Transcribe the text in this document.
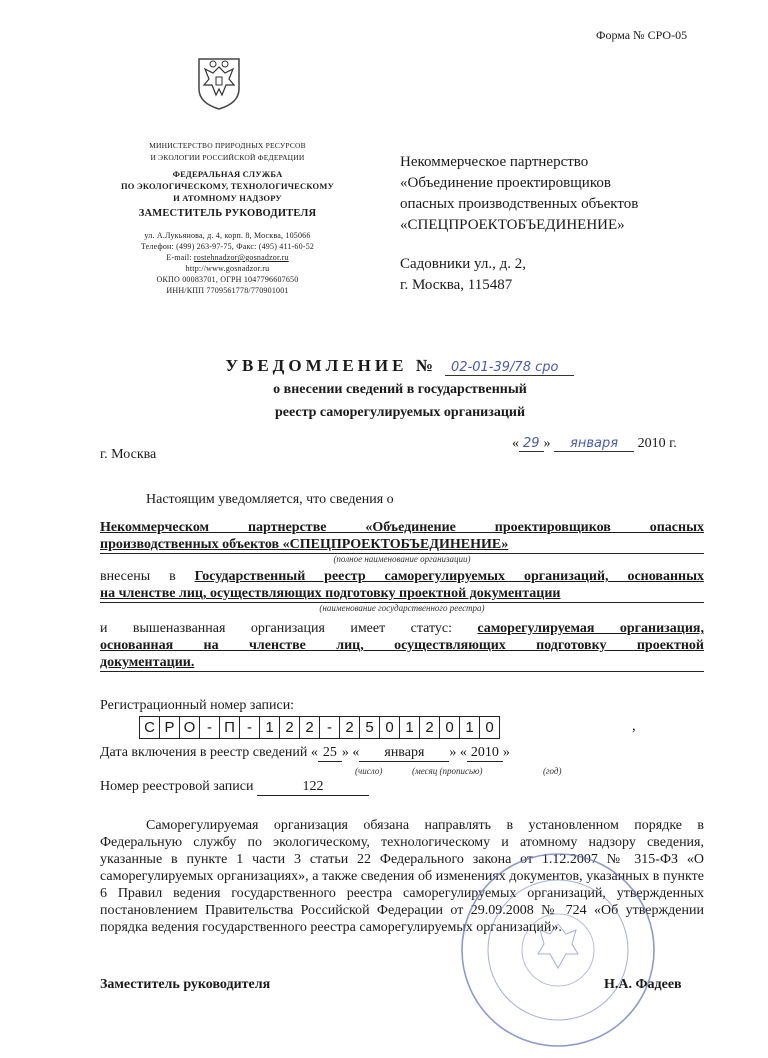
Форма № СРО-05
МИНИСТЕРСТВО ПРИРОДНЫХ РЕСУРСОВ
И ЭКОЛОГИИ РОССИЙСКОЙ ФЕДЕРАЦИИ
ФЕДЕРАЛЬНАЯ СЛУЖБА
ПО ЭКОЛОГИЧЕСКОМУ, ТЕХНОЛОГИЧЕСКОМУ
И АТОМНОМУ НАДЗОРУ
ЗАМЕСТИТЕЛЬ РУКОВОДИТЕЛЯ
ул. А.Лукьянова, д. 4, корп. 8, Москва, 105066
Телефон: (499) 263-97-75, Факс: (495) 411-60-52
E-mail: rostehnadzor@gosnadzor.ru
http://www.gosnadzor.ru
ОКПО 00083701, ОГРН 1047796607650
ИНН/КПП 7709561778/770901001
Некоммерческое партнерство
«Объединение проектировщиков
опасных производственных объектов
«СПЕЦПРОЕКТОБЪЕДИНЕНИЕ»
Садовники ул., д. 2,
г. Москва, 115487
УВЕДОМЛЕНИЕ № 02-01-39/78 сро
о внесении сведений в государственный
реестр саморегулируемых организаций
г. Москва
« 29 » января 2010 г.
Настоящим уведомляется, что сведения о
Некоммерческом партнерстве «Объединение проектировщиков опасных
производственных объектов «СПЕЦПРОЕКТОБЪЕДИНЕНИЕ»
(полное наименование организации)
внесены в Государственный реестр саморегулируемых организаций, основанных
на членстве лиц, осуществляющих подготовку проектной документации
(наименование государственного реестра)
и вышеназванная организация имеет статус: саморегулируемая организация,
основанная на членстве лиц, осуществляющих подготовку проектной
документации.
Регистрационный номер записи:
С Р О - П - 1 2 2 - 2 5 0 1 2 0 1 0	,
Дата включения в реестр сведений « 25 » « января » « 2010 »
(число)	(месяц (прописью)	(год)
Номер реестровой записи	122

Саморегулируемая организация обязана направлять в установленном порядке в Федеральную службу по экологическому, технологическому и атомному надзору сведения, указанные в пункте 1 части 3 статьи 22 Федерального закона от 1.12.2007 № 315-ФЗ «О саморегулируемых организациях», а также сведения об изменениях документов, указанных в пункте 6 Правил ведения государственного реестра саморегулируемых организаций, утвержденных постановлением Правительства Российской Федерации от 29.09.2008 № 724 «Об утверждении порядка ведения государственного реестра саморегулируемых организаций».

Заместитель руководителя	Н.А. Фадеев
